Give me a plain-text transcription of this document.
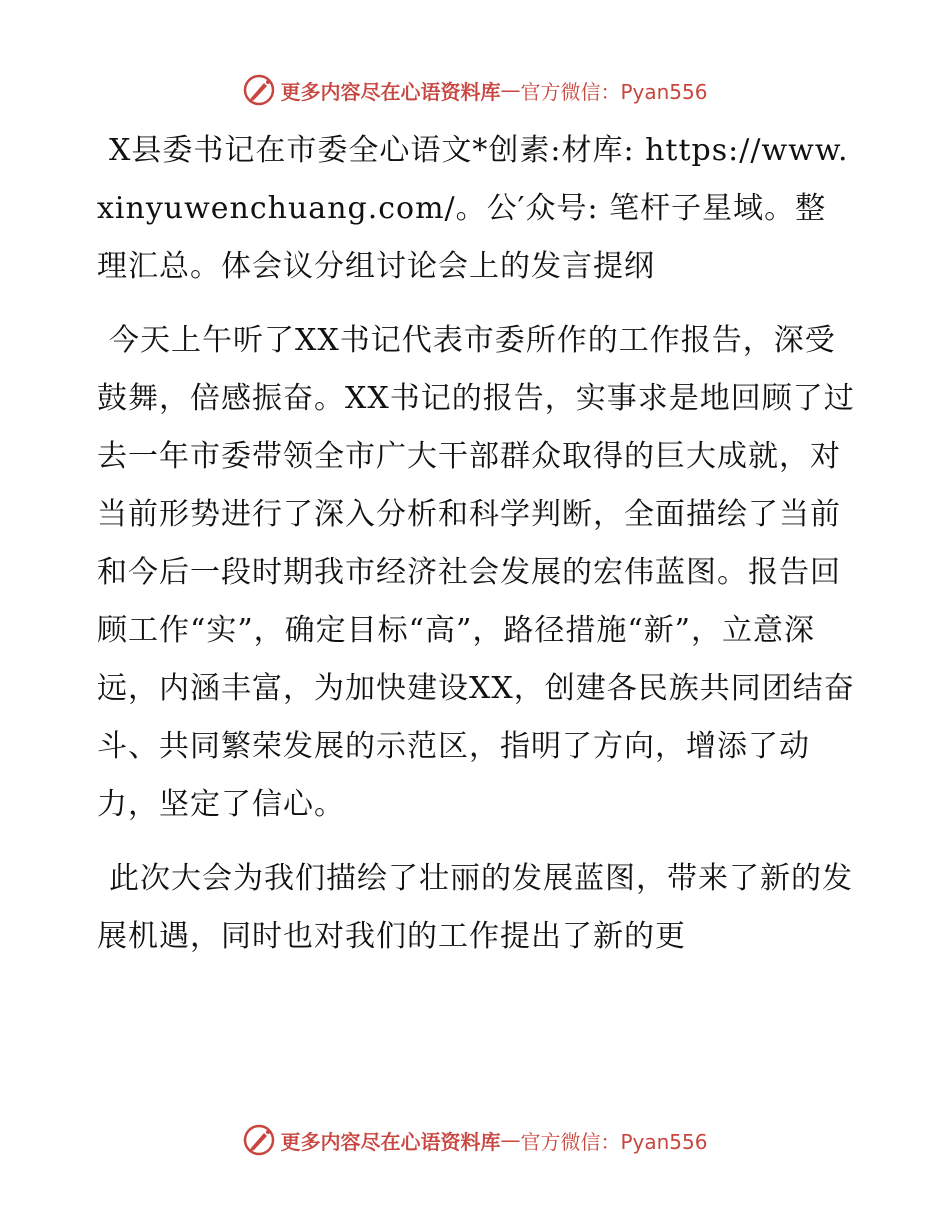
更多内容尽在心语资料库 — 官方微信：Pyan556

X县委书记在市委全心语文*创素:材库: https://www.xinyuwenchuang.com/。公′众号: 笔杆子星域。整理汇总。体会议分组讨论会上的发言提纲

今天上午听了XX书记代表市委所作的工作报告，深受鼓舞，倍感振奋。XX书记的报告，实事求是地回顾了过去一年市委带领全市广大干部群众取得的巨大成就，对当前形势进行了深入分析和科学判断，全面描绘了当前和今后一段时期我市经济社会发展的宏伟蓝图。报告回顾工作“实”，确定目标“高”，路径措施“新”，立意深远，内涵丰富，为加快建设XX，创建各民族共同团结奋斗、共同繁荣发展的示范区，指明了方向，增添了动力，坚定了信心。

此次大会为我们描绘了壮丽的发展蓝图，带来了新的发展机遇，同时也对我们的工作提出了新的更

更多内容尽在心语资料库 — 官方微信：Pyan556
